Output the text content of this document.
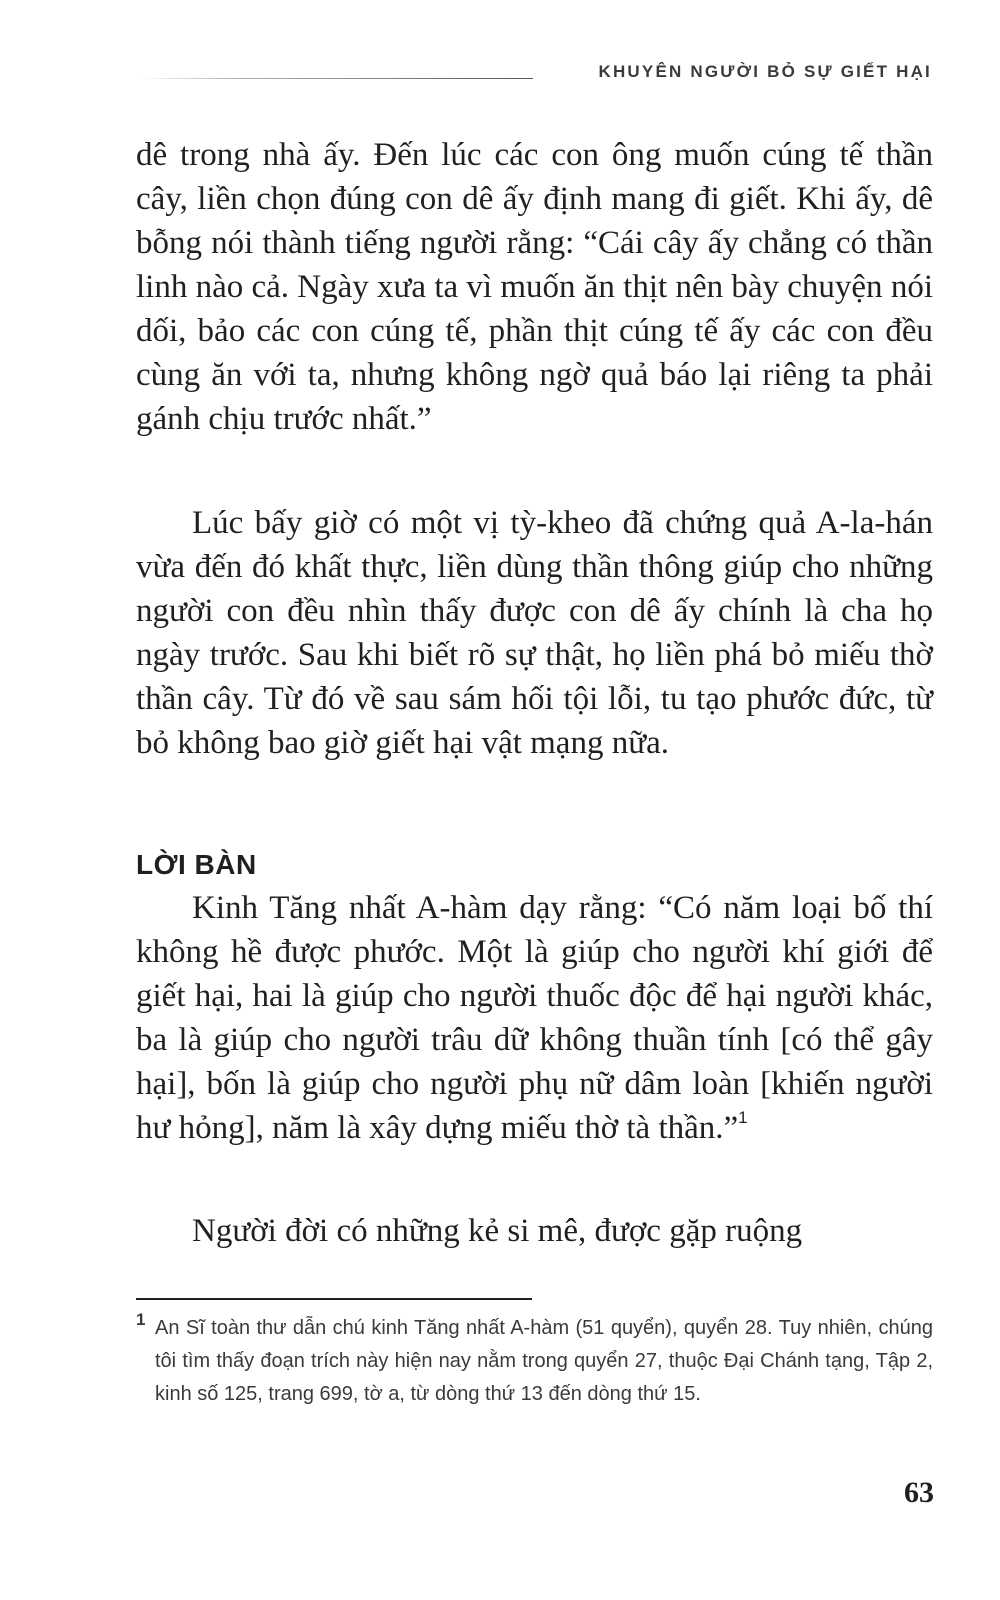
KHUYÊN NGƯỜI BỎ SỰ GIẾT HẠI

dê trong nhà ấy. Đến lúc các con ông muốn cúng tế thần cây, liền chọn đúng con dê ấy định mang đi giết. Khi ấy, dê bỗng nói thành tiếng người rằng: “Cái cây ấy chẳng có thần linh nào cả. Ngày xưa ta vì muốn ăn thịt nên bày chuyện nói dối, bảo các con cúng tế, phần thịt cúng tế ấy các con đều cùng ăn với ta, nhưng không ngờ quả báo lại riêng ta phải gánh chịu trước nhất.”

Lúc bấy giờ có một vị tỳ-kheo đã chứng quả A-la-hán vừa đến đó khất thực, liền dùng thần thông giúp cho những người con đều nhìn thấy được con dê ấy chính là cha họ ngày trước. Sau khi biết rõ sự thật, họ liền phá bỏ miếu thờ thần cây. Từ đó về sau sám hối tội lỗi, tu tạo phước đức, từ bỏ không bao giờ giết hại vật mạng nữa.

LỜI BÀN

Kinh Tăng nhất A-hàm dạy rằng: “Có năm loại bố thí không hề được phước. Một là giúp cho người khí giới để giết hại, hai là giúp cho người thuốc độc để hại người khác, ba là giúp cho người trâu dữ không thuần tính [có thể gây hại], bốn là giúp cho người phụ nữ dâm loàn [khiến người hư hỏng], năm là xây dựng miếu thờ tà thần.”$^1$

Người đời có những kẻ si mê, được gặp ruộng

1 An Sĩ toàn thư dẫn chú kinh Tăng nhất A-hàm (51 quyển), quyển 28. Tuy nhiên, chúng tôi tìm thấy đoạn trích này hiện nay nằm trong quyển 27, thuộc Đại Chánh tạng, Tập 2, kinh số 125, trang 699, tờ a, từ dòng thứ 13 đến dòng thứ 15.
63
